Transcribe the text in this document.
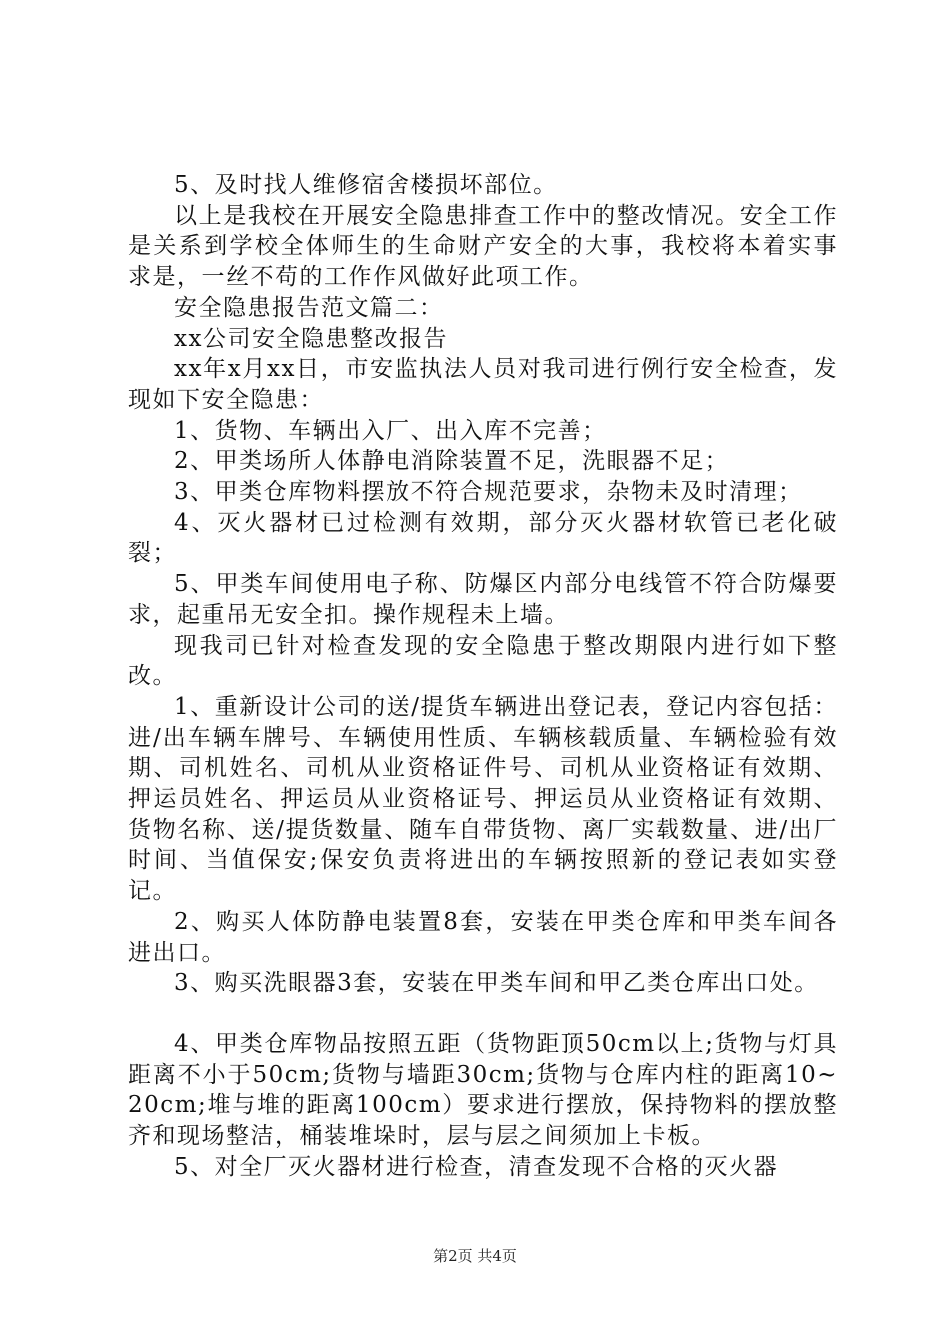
5、及时找人维修宿舍楼损坏部位。

以上是我校在开展安全隐患排查工作中的整改情况。安全工作是关系到学校全体师生的生命财产安全的大事，我校将本着实事求是，一丝不苟的工作作风做好此项工作。

安全隐患报告范文篇二：

xx公司安全隐患整改报告

xx年x月xx日，市安监执法人员对我司进行例行安全检查，发现如下安全隐患：

1、货物、车辆出入厂、出入库不完善；

2、甲类场所人体静电消除装置不足，洗眼器不足；

3、甲类仓库物料摆放不符合规范要求，杂物未及时清理；

4、灭火器材已过检测有效期，部分灭火器材软管已老化破裂；

5、甲类车间使用电子称、防爆区内部分电线管不符合防爆要求，起重吊无安全扣。操作规程未上墙。

现我司已针对检查发现的安全隐患于整改期限内进行如下整改。

1、重新设计公司的送/提货车辆进出登记表，登记内容包括：进/出车辆车牌号、车辆使用性质、车辆核载质量、车辆检验有效期、司机姓名、司机从业资格证件号、司机从业资格证有效期、押运员姓名、押运员从业资格证号、押运员从业资格证有效期、货物名称、送/提货数量、随车自带货物、离厂实载数量、进/出厂时间、当值保安;保安负责将进出的车辆按照新的登记表如实登记。

2、购买人体防静电装置8套，安装在甲类仓库和甲类车间各进出口。

3、购买洗眼器3套，安装在甲类车间和甲乙类仓库出口处。

4、甲类仓库物品按照五距（货物距顶50cm以上;货物与灯具距离不小于50cm;货物与墙距30cm;货物与仓库内柱的距离10~20cm;堆与堆的距离100cm）要求进行摆放，保持物料的摆放整齐和现场整洁，桶装堆垛时，层与层之间须加上卡板。

5、对全厂灭火器材进行检查，清查发现不合格的灭火器

第2页 共4页
